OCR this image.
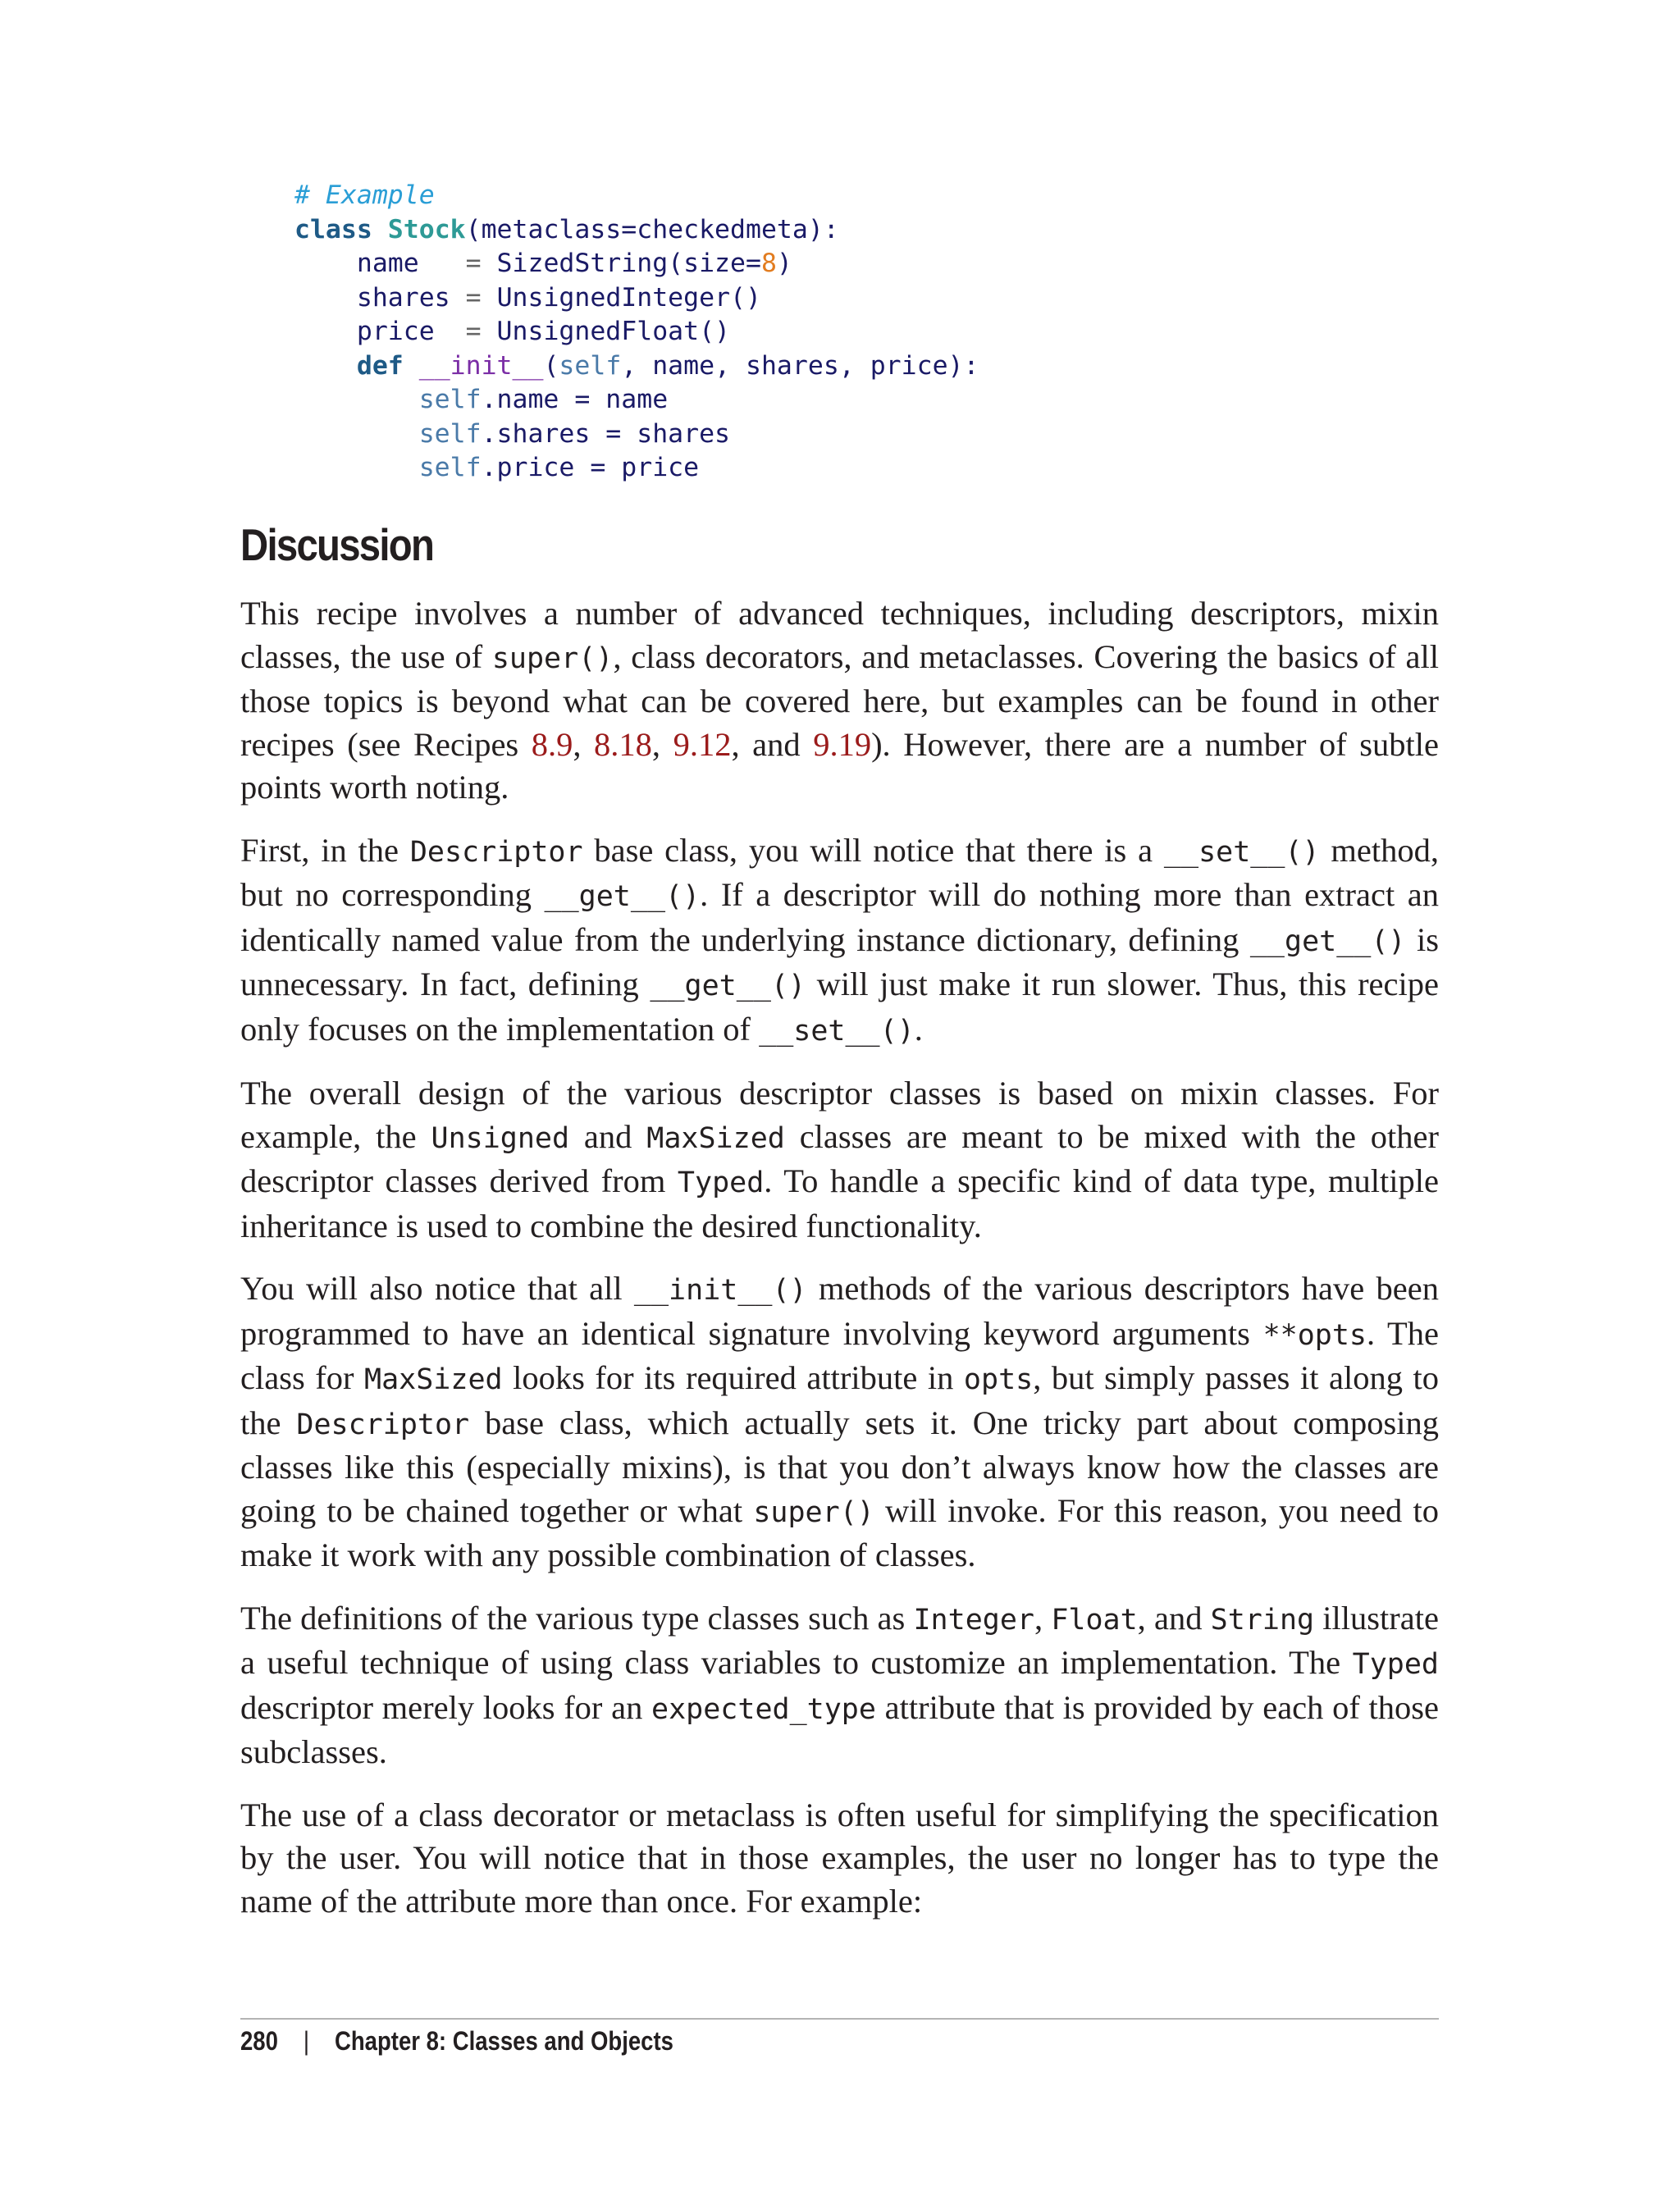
# Example
class Stock(metaclass=checkedmeta):
name   = SizedString(size=8)
shares = UnsignedInteger()
price  = UnsignedFloat()
def __init__(self, name, shares, price):
self.name = name
self.shares = shares
self.price = price
Discussion

This recipe involves a number of advanced techniques, including descriptors, mixin classes, the use of super(), class decorators, and metaclasses. Covering the basics of all those topics is beyond what can be covered here, but examples can be found in other recipes (see Recipes 8.9, 8.18, 9.12, and 9.19). However, there are a number of subtle points worth noting.

First, in the Descriptor base class, you will notice that there is a __set__() method, but no corresponding __get__(). If a descriptor will do nothing more than extract an identically named value from the underlying instance dictionary, defining __get__() is unnecessary. In fact, defining __get__() will just make it run slower. Thus, this recipe only focuses on the implementation of __set__().

The overall design of the various descriptor classes is based on mixin classes. For example, the Unsigned and MaxSized classes are meant to be mixed with the other descriptor classes derived from Typed. To handle a specific kind of data type, multiple inheritance is used to combine the desired functionality.

You will also notice that all __init__() methods of the various descriptors have been programmed to have an identical signature involving keyword arguments **opts. The class for MaxSized looks for its required attribute in opts, but simply passes it along to the Descriptor base class, which actually sets it. One tricky part about composing classes like this (especially mixins), is that you don’t always know how the classes are going to be chained together or what super() will invoke. For this reason, you need to make it work with any possible combination of classes.

The definitions of the various type classes such as Integer, Float, and String illustrate a useful technique of using class variables to customize an implementation. The Typed descriptor merely looks for an expected_type attribute that is provided by each of those subclasses.

The use of a class decorator or metaclass is often useful for simplifying the specification by the user. You will notice that in those examples, the user no longer has to type the name of the attribute more than once. For example:

280 | Chapter 8: Classes and Objects
